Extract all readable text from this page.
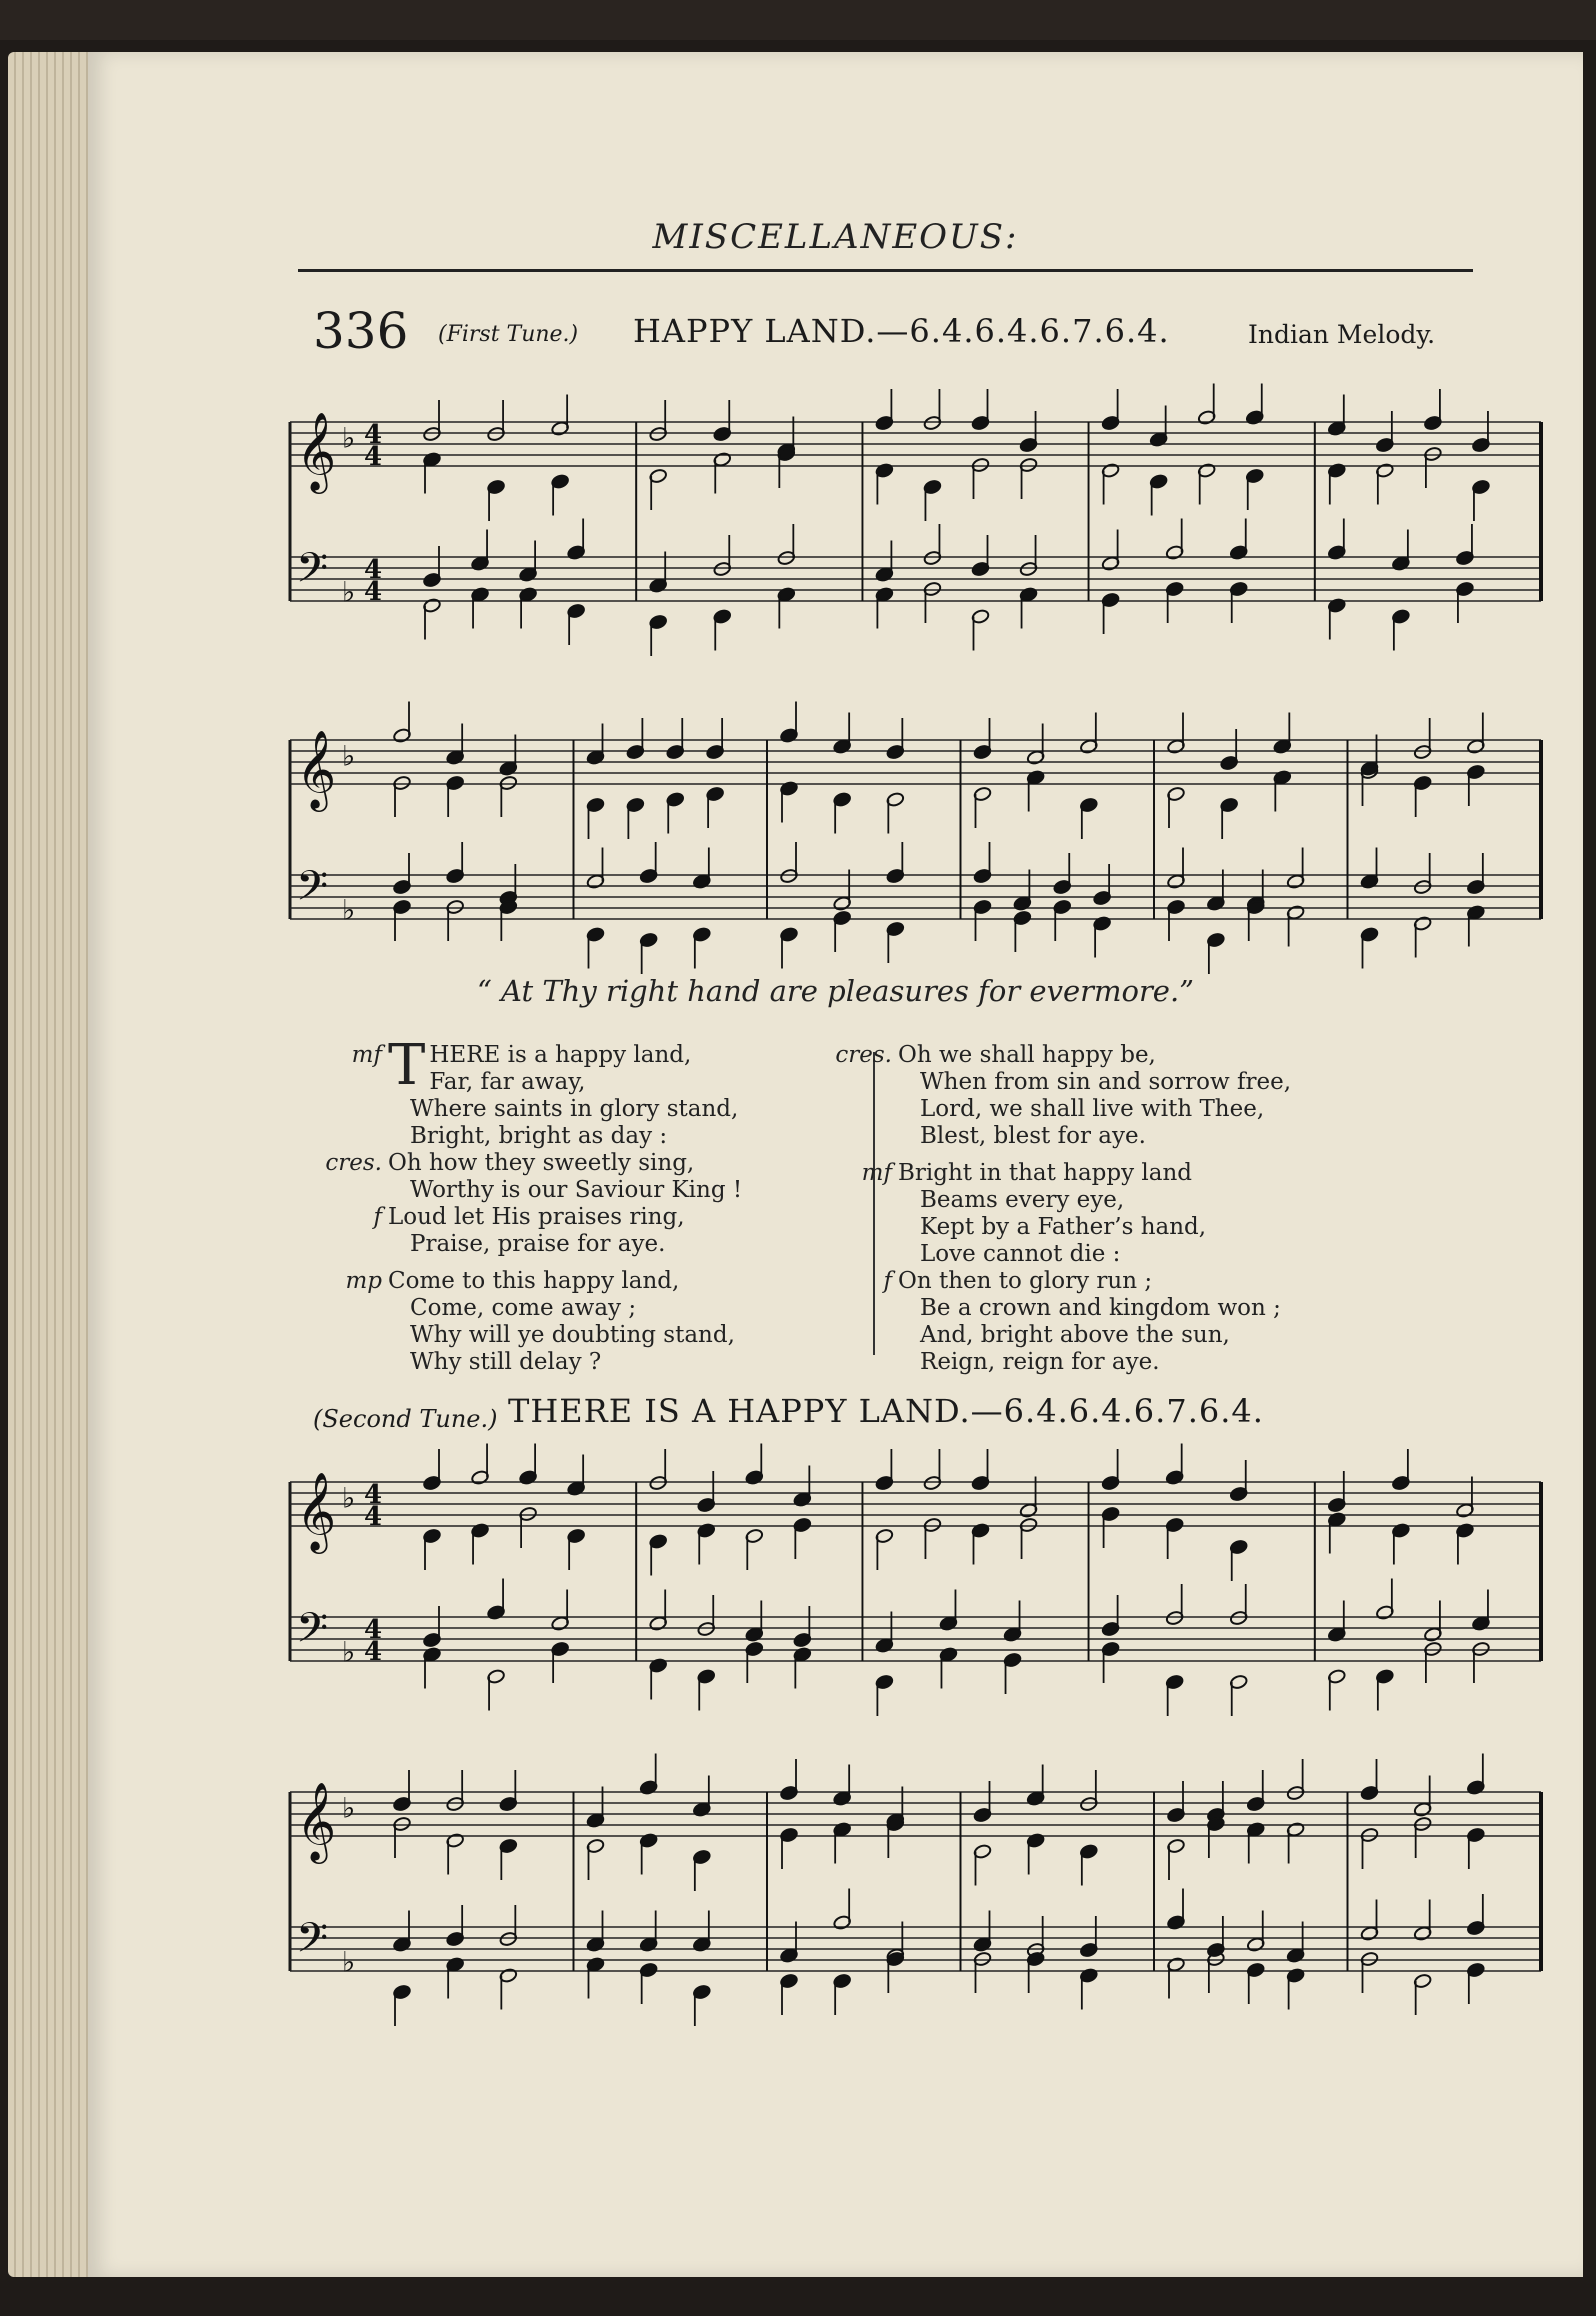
MISCELLANEOUS:
336 (First Tune.) HAPPY LAND.—6.4.6.4.6.7.6.4.	Indian Melody.
𝄞 ♭ 4
4
𝄢 ♭
4
4
𝄞 ♭
𝄢 ♭
“ At Thy right hand are pleasures for evermore.”
mf T HERE is a happy land,
Far, far away,
Where saints in glory stand,
Bright, bright as day :
cres. Oh how they sweetly sing,
Worthy is our Saviour King !
f Loud let His praises ring,
Praise, praise for aye.
mp Come to this happy land,
Come, come away ;
Why will ye doubting stand,
Why still delay ?
cres. Oh we shall happy be,
When from sin and sorrow free,
Lord, we shall live with Thee,
Blest, blest for aye.
mf Bright in that happy land
Beams every eye,
Kept by a Father’s hand,
Love cannot die :
f On then to glory run ;
Be a crown and kingdom won ;
And, bright above the sun,
Reign, reign for aye.
(Second Tune.) THERE IS A HAPPY LAND.—6.4.6.4.6.7.6.4.
𝄞 ♭ 4
4
𝄢 ♭
4
4
𝄞 ♭
𝄢 ♭
